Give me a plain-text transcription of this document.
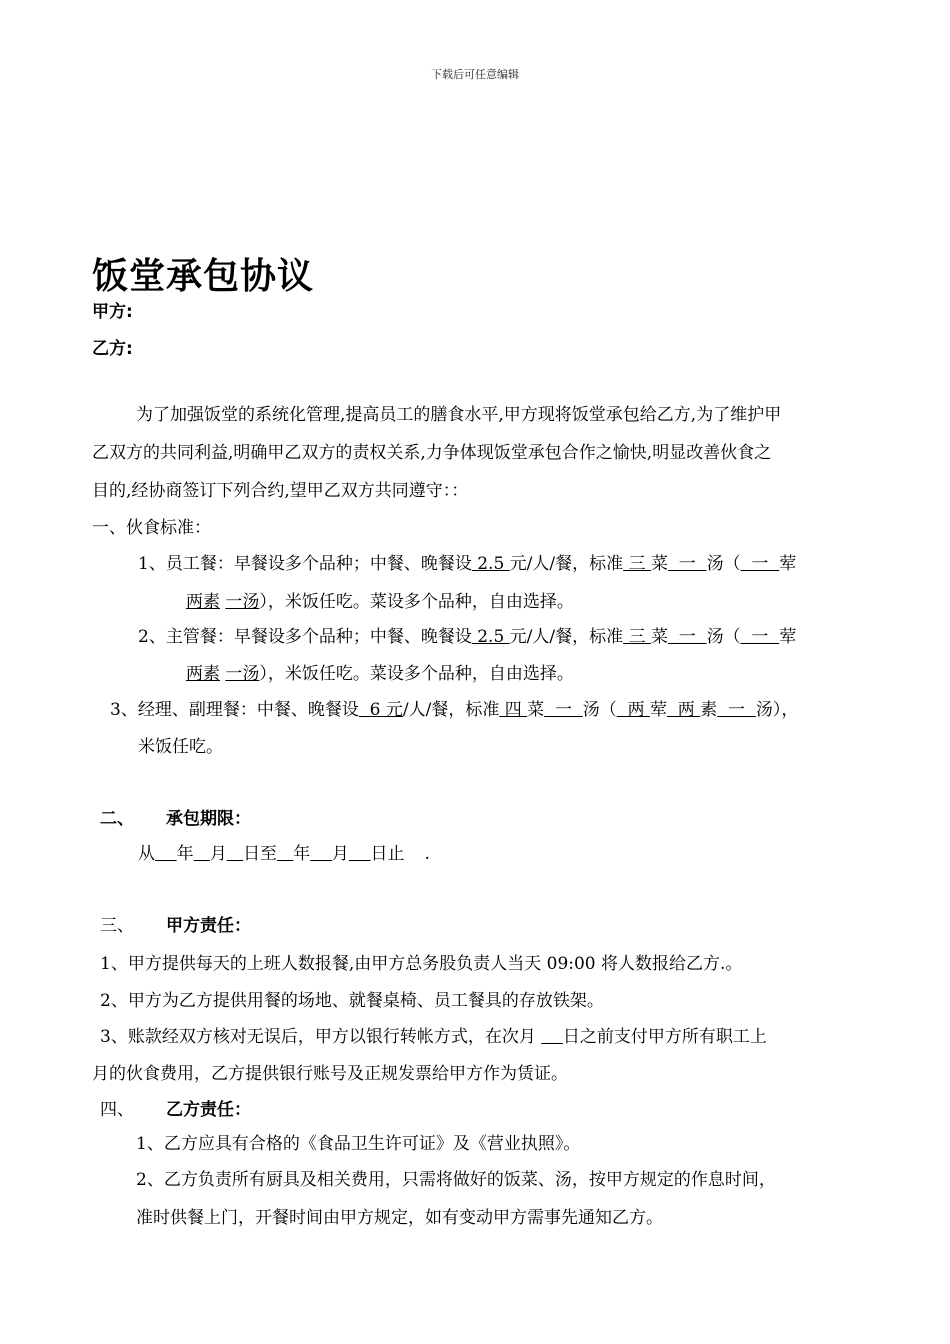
下载后可任意编辑
饭堂承包协议
甲方:
乙方:
为了加强饭堂的系统化管理,提高员工的膳食水平,甲方现将饭堂承包给乙方,为了维护甲
乙双方的共同利益,明确甲乙双方的责权关系,力争体现饭堂承包合作之愉快,明显改善伙食之
目的,经协商签订下列合约,望甲乙双方共同遵守：：
一、伙食标准：
1、员工餐：早餐设多个品种；中餐、晚餐设 2.5 元/人/餐，标准 三 菜  一  汤（  一  荤
两素 一汤），米饭任吃。菜设多个品种，自由选择。
2、主管餐：早餐设多个品种；中餐、晚餐设 2.5 元/人/餐，标准 三 菜  一  汤（  一  荤
两素 一汤），米饭任吃。菜设多个品种，自由选择。
3、经理、副理餐：中餐、晚餐设  6 元/人/餐，标准 四 菜  一  汤（  两 荤  两 素  一  汤），
米饭任吃。
二、 承包期限：
从 年 月 日至 年 月 日止 .
三、 甲方责任：
1、甲方提供每天的上班人数报餐,由甲方总务股负责人当天 09:00 将人数报给乙方.。
2、甲方为乙方提供用餐的场地、就餐桌椅、员工餐具的存放铁架。
3、账款经双方核对无误后，甲方以银行转帐方式，在次月 日之前支付甲方所有职工上
月的伙食费用，乙方提供银行账号及正规发票给甲方作为赁证。
四、 乙方责任：
1、乙方应具有合格的《食品卫生许可证》及《营业执照》。
2、乙方负责所有厨具及相关费用，只需将做好的饭菜、汤，按甲方规定的作息时间，
准时供餐上门，开餐时间由甲方规定，如有变动甲方需事先通知乙方。
